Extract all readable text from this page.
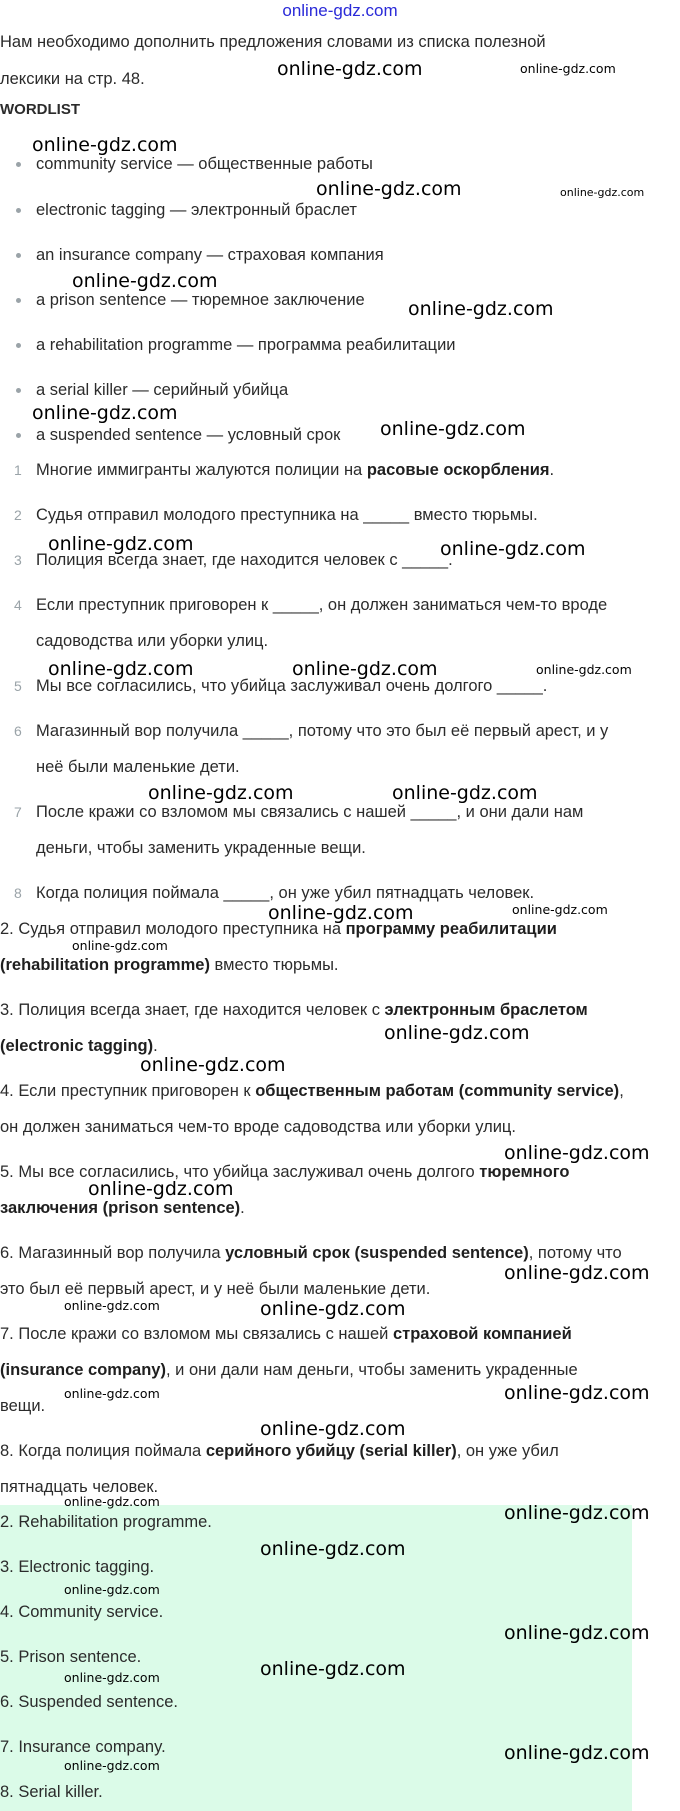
online-gdz.com
Нам необходимо дополнить предложения словами из списка полезной
лексики на стр. 48.
WORDLIST
community service — общественные работы
electronic tagging — электронный браслет
an insurance company — страховая компания
a prison sentence — тюремное заключение
a rehabilitation programme — программа реабилитации
a serial killer — серийный убийца
a suspended sentence — условный срок
1 Многие иммигранты жалуются полиции на расовые оскорбления.
2 Судья отправил молодого преступника на _____ вместо тюрьмы.
3 Полиция всегда знает, где находится человек с _____.
4 Если преступник приговорен к _____, он должен заниматься чем-то вроде
садоводства или уборки улиц.
5 Мы все согласились, что убийца заслуживал очень долгого _____.
6 Магазинный вор получила _____, потому что это был её первый арест, и у
неё были маленькие дети.
7 После кражи со взломом мы связались с нашей _____, и они дали нам
деньги, чтобы заменить украденные вещи.
8 Когда полиция поймала _____, он уже убил пятнадцать человек.
2. Судья отправил молодого преступника на программу реабилитации
(rehabilitation programme) вместо тюрьмы.
3. Полиция всегда знает, где находится человек с электронным браслетом
(electronic tagging).
4. Если преступник приговорен к общественным работам (community service),
он должен заниматься чем-то вроде садоводства или уборки улиц.
5. Мы все согласились, что убийца заслуживал очень долгого тюремного
заключения (prison sentence).
6. Магазинный вор получила условный срок (suspended sentence), потому что
это был её первый арест, и у неё были маленькие дети.
7. После кражи со взломом мы связались с нашей страховой компанией
(insurance company), и они дали нам деньги, чтобы заменить украденные
вещи.
8. Когда полиция поймала серийного убийцу (serial killer), он уже убил
пятнадцать человек.
2. Rehabilitation programme.
3. Electronic tagging.
4. Community service.
5. Prison sentence.
6. Suspended sentence.
7. Insurance company.
8. Serial killer.
online-gdz.com	online-gdz.com
online-gdz.com
online-gdz.com	online-gdz.com
online-gdz.com
online-gdz.com
online-gdz.com
online-gdz.com
online-gdz.com	online-gdz.com
online-gdz.com	online-gdz.com	online-gdz.com
online-gdz.com	online-gdz.com
online-gdz.com	online-gdz.com
online-gdz.com
online-gdz.com
online-gdz.com
online-gdz.com
online-gdz.com
online-gdz.com
online-gdz.com	online-gdz.com
online-gdz.com	online-gdz.com
online-gdz.com
online-gdz.com
online-gdz.com
online-gdz.com
online-gdz.com
online-gdz.com
online-gdz.com
online-gdz.com
online-gdz.com
online-gdz.com
